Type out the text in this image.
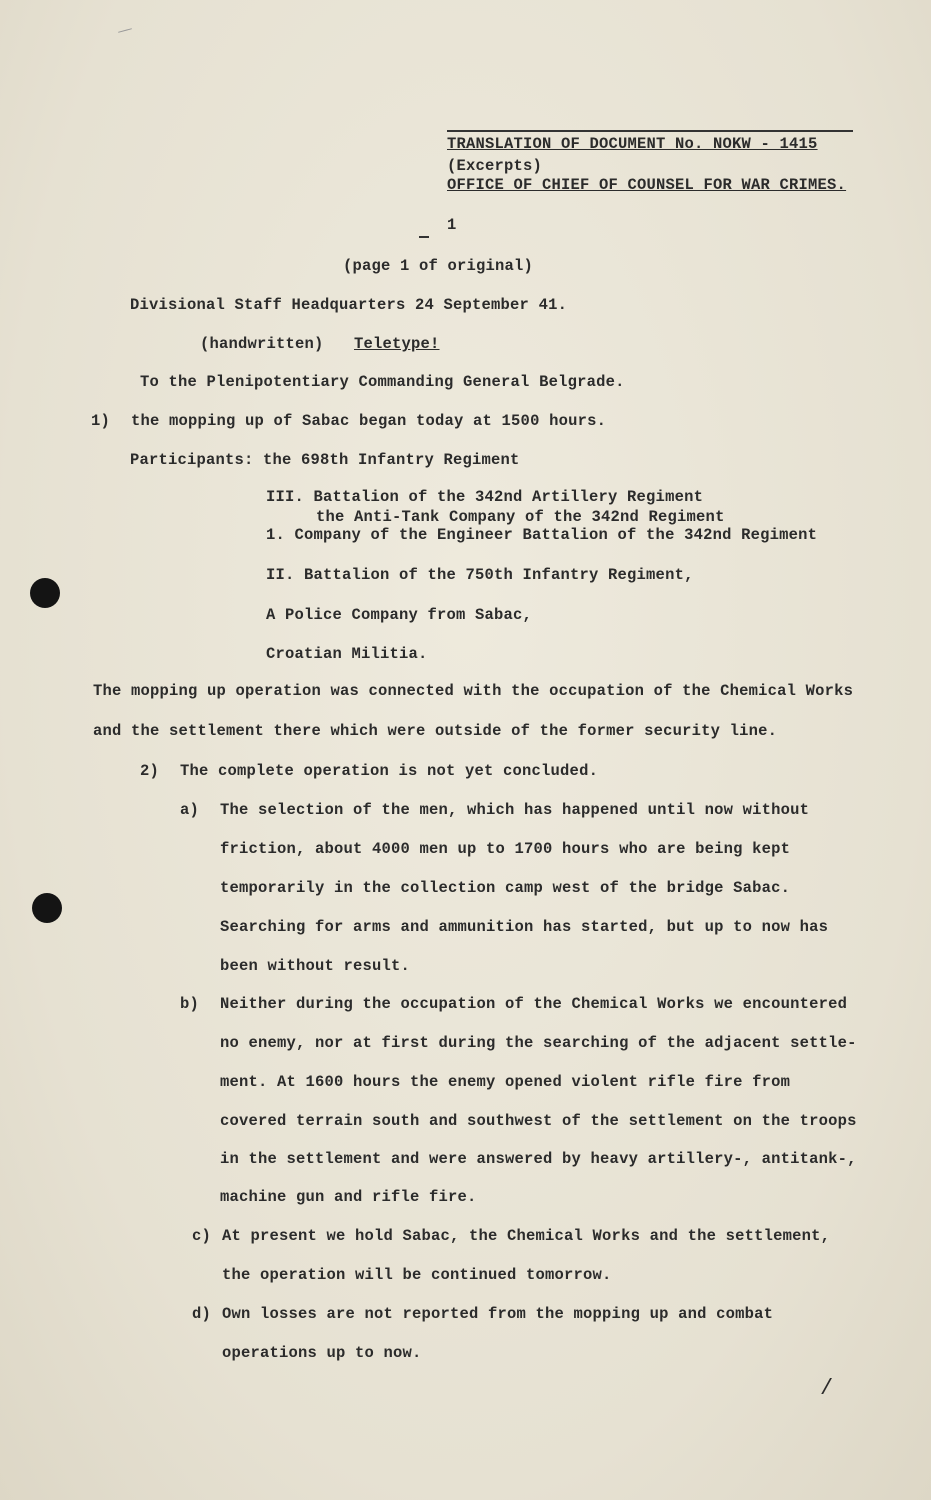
TRANSLATION OF DOCUMENT No. NOKW - 1415
(Excerpts)
OFFICE OF CHIEF OF COUNSEL FOR WAR CRIMES.
1
(page 1 of original)
Divisional Staff Headquarters 24 September 41.
(handwritten) Teletype!
To the Plenipotentiary Commanding General Belgrade.
1) the mopping up of Sabac began today at 1500 hours.
Participants: the 698th Infantry Regiment
III. Battalion of the 342nd Artillery Regiment
the Anti-Tank Company of the 342nd Regiment
1. Company of the Engineer Battalion of the 342nd Regiment
II. Battalion of the 750th Infantry Regiment,
A Police Company from Sabac,
Croatian Militia.
The mopping up operation was connected with the occupation of the Chemical Works
and the settlement there which were outside of the former security line.
2) The complete operation is not yet concluded.
a) The selection of the men, which has happened until now without
friction, about 4000 men up to 1700 hours who are being kept
temporarily in the collection camp west of the bridge Sabac.
Searching for arms and ammunition has started, but up to now has
been without result.
b) Neither during the occupation of the Chemical Works we encountered
no enemy, nor at first during the searching of the adjacent settle-
ment. At 1600 hours the enemy opened violent rifle fire from
covered terrain south and southwest of the settlement on the troops
in the settlement and were answered by heavy artillery-, antitank-,
machine gun and rifle fire.
c) At present we hold Sabac, the Chemical Works and the settlement,
the operation will be continued tomorrow.
d) Own losses are not reported from the mopping up and combat
operations up to now.
/
